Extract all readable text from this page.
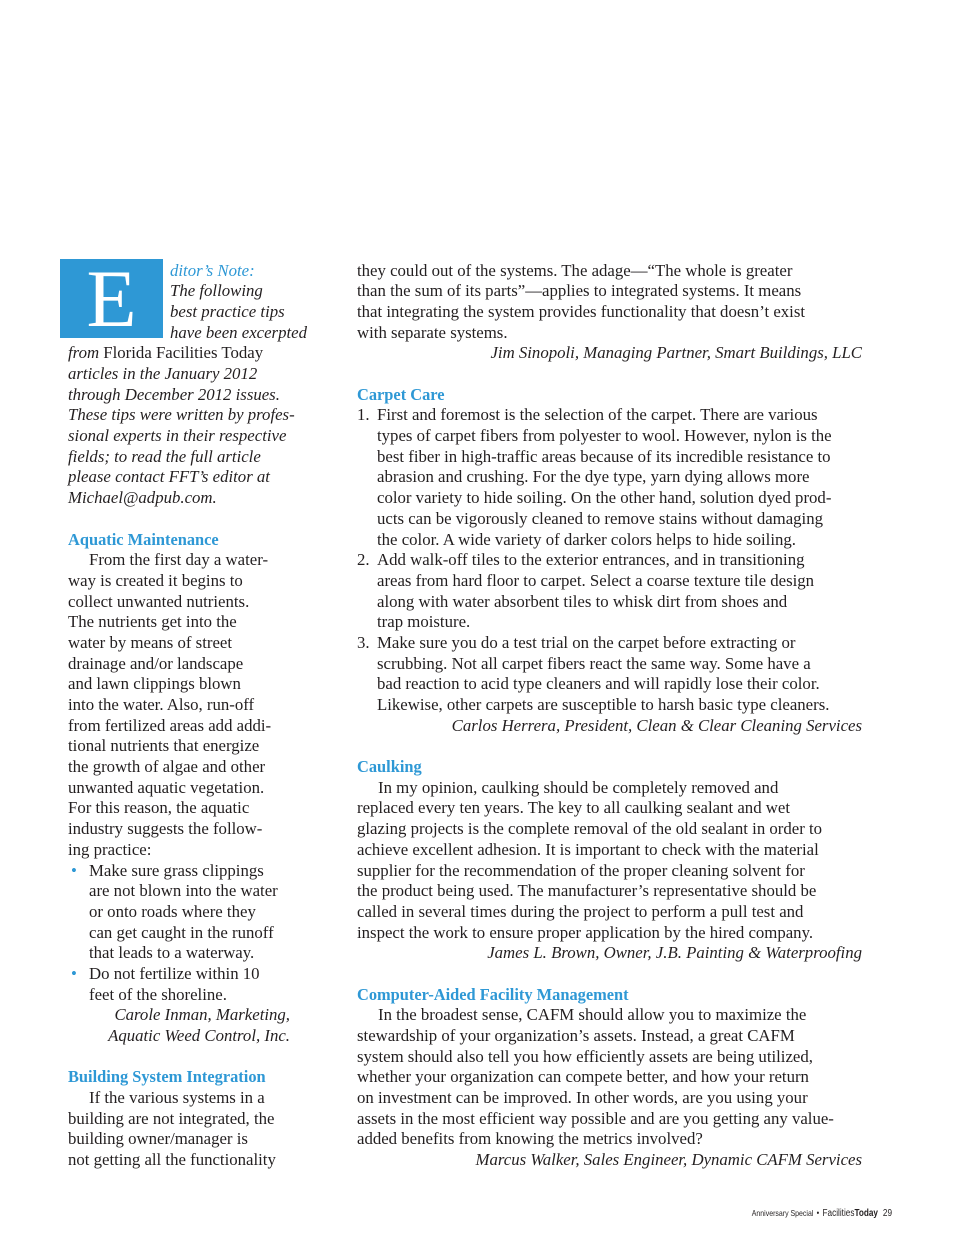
E	ditor’s Note:
The following
best practice tips
have been excerpted
from Florida Facilities Today
articles in the January 2012
through December 2012 issues.
These tips were written by profes-
sional experts in their respective
fields; to read the full article
please contact FFT’s editor at
Michael@adpub.com.
Aquatic Maintenance
From the first day a water-
way is created it begins to
collect unwanted nutrients.
The nutrients get into the
water by means of street
drainage and/or landscape
and lawn clippings blown
into the water. Also, run-off
from fertilized areas add addi-
tional nutrients that energize
the growth of algae and other
unwanted aquatic vegetation.
For this reason, the aquatic
industry suggests the follow-
ing practice:
•
Make sure grass clippings
are not blown into the water
or onto roads where they
can get caught in the runoff
that leads to a waterway.
•
Do not fertilize within 10
feet of the shoreline.
Carole Inman, Marketing,
Aquatic Weed Control, Inc.
Building System Integration
If the various systems in a
building are not integrated, the
building owner/manager is
not getting all the functionality
they could out of the systems. The adage—“The whole is greater
than the sum of its parts”—applies to integrated systems. It means
that integrating the system provides functionality that doesn’t exist
with separate systems.
Jim Sinopoli, Managing Partner, Smart Buildings, LLC
Carpet Care
1. First and foremost is the selection of the carpet. There are various
types of carpet fibers from polyester to wool. However, nylon is the
best fiber in high-traffic areas because of its incredible resistance to
abrasion and crushing. For the dye type, yarn dying allows more
color variety to hide soiling. On the other hand, solution dyed prod-
ucts can be vigorously cleaned to remove stains without damaging
the color. A wide variety of darker colors helps to hide soiling.
2. Add walk-off tiles to the exterior entrances, and in transitioning
areas from hard floor to carpet. Select a coarse texture tile design
along with water absorbent tiles to whisk dirt from shoes and
trap moisture.
3. Make sure you do a test trial on the carpet before extracting or
scrubbing. Not all carpet fibers react the same way. Some have a
bad reaction to acid type cleaners and will rapidly lose their color.
Likewise, other carpets are susceptible to harsh basic type cleaners.
Carlos Herrera, President, Clean & Clear Cleaning Services
Caulking
In my opinion, caulking should be completely removed and
replaced every ten years. The key to all caulking sealant and wet
glazing projects is the complete removal of the old sealant in order to
achieve excellent adhesion. It is important to check with the material
supplier for the recommendation of the proper cleaning solvent for
the product being used. The manufacturer’s representative should be
called in several times during the project to perform a pull test and
inspect the work to ensure proper application by the hired company.
James L. Brown, Owner, J.B. Painting & Waterproofing
Computer-Aided Facility Management
In the broadest sense, CAFM should allow you to maximize the
stewardship of your organization’s assets. Instead, a great CAFM
system should also tell you how efficiently assets are being utilized,
whether your organization can compete better, and how your return
on investment can be improved. In other words, are you using your
assets in the most efficient way possible and are you getting any value-
added benefits from knowing the metrics involved?
Marcus Walker, Sales Engineer, Dynamic CAFM Services
Anniversary Special• FacilitiesToday 29
